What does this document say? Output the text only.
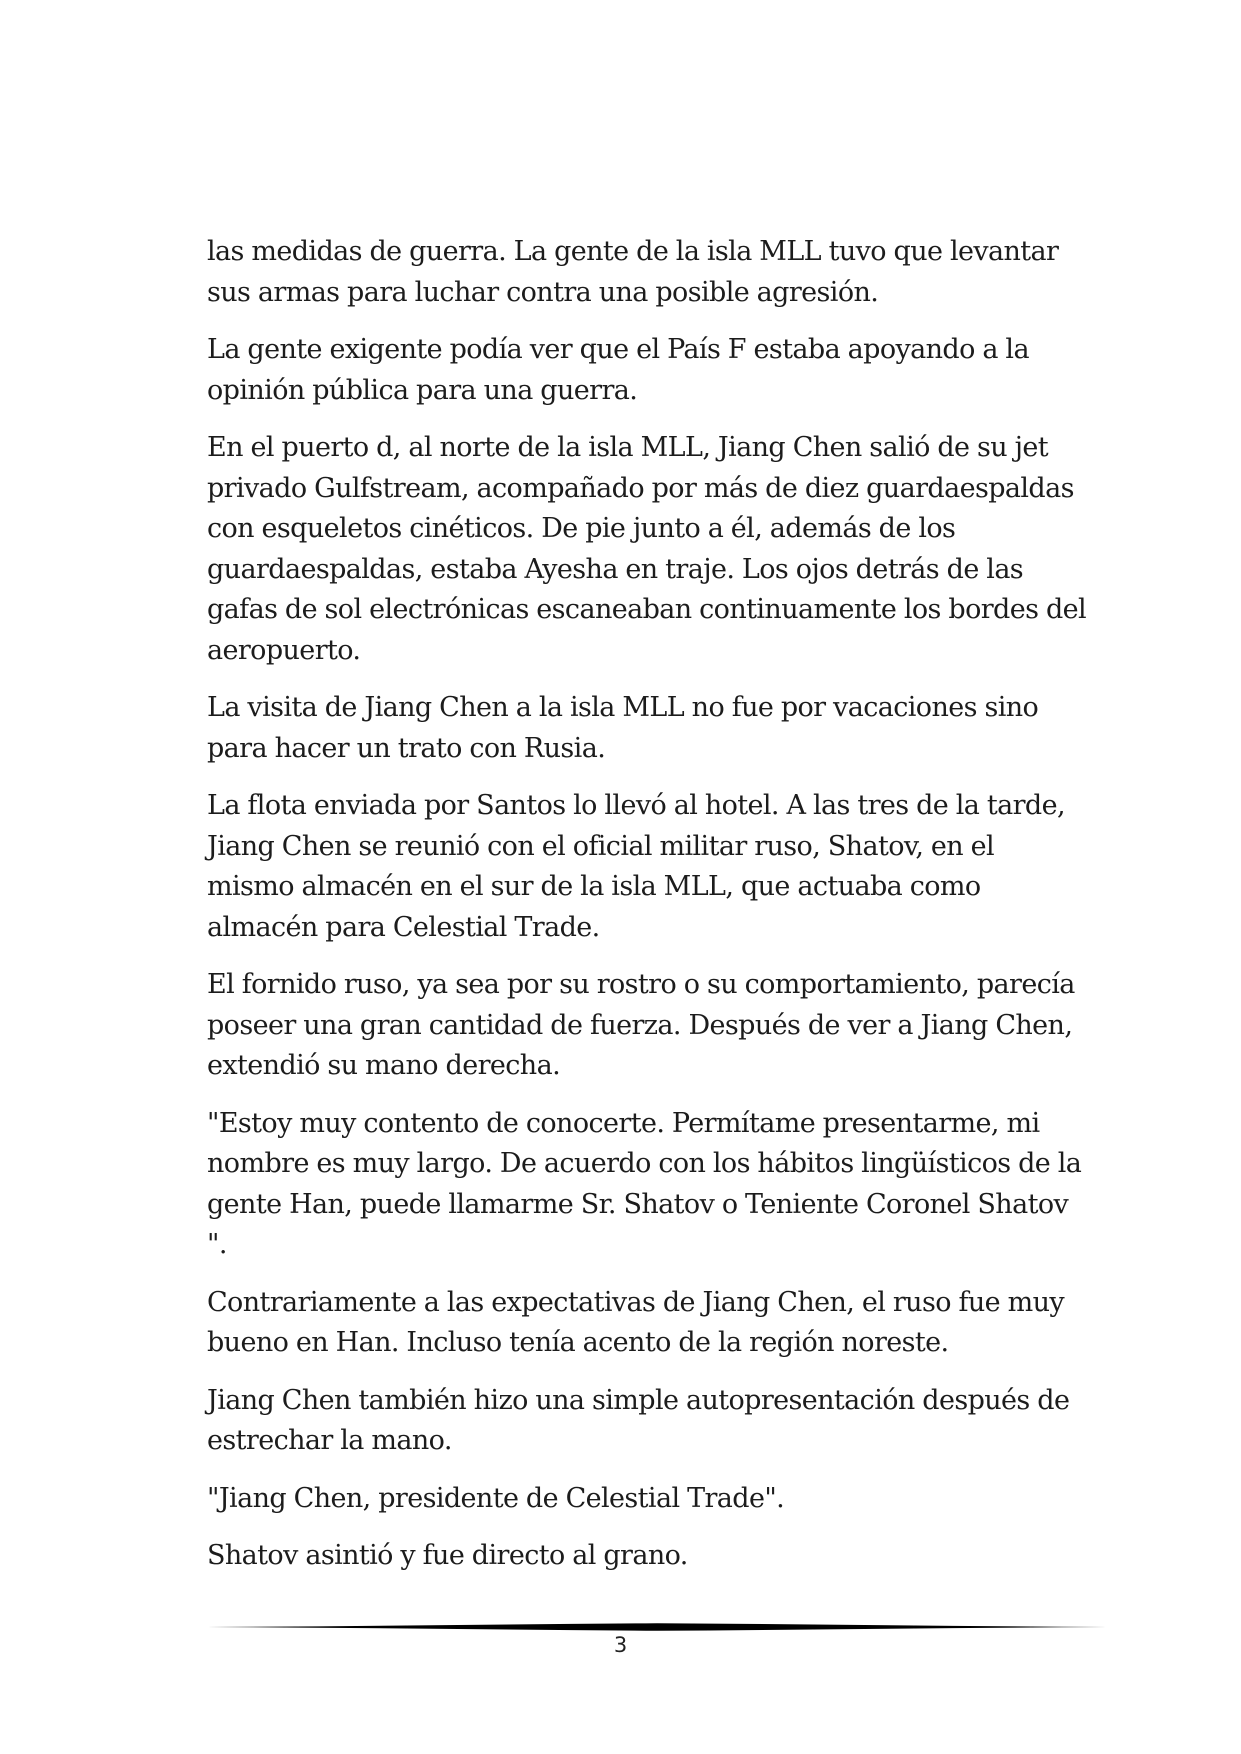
las medidas de guerra. La gente de la isla MLL tuvo que levantar sus armas para luchar contra una posible agresión.

La gente exigente podía ver que el País F estaba apoyando a la opinión pública para una guerra.

En el puerto d, al norte de la isla MLL, Jiang Chen salió de su jet privado Gulfstream, acompañado por más de diez guardaespaldas con esqueletos cinéticos. De pie junto a él, además de los guardaespaldas, estaba Ayesha en traje. Los ojos detrás de las gafas de sol electrónicas escaneaban continuamente los bordes del aeropuerto.

La visita de Jiang Chen a la isla MLL no fue por vacaciones sino para hacer un trato con Rusia.

La flota enviada por Santos lo llevó al hotel. A las tres de la tarde, Jiang Chen se reunió con el oficial militar ruso, Shatov, en el mismo almacén en el sur de la isla MLL, que actuaba como almacén para Celestial Trade.

El fornido ruso, ya sea por su rostro o su comportamiento, parecía poseer una gran cantidad de fuerza. Después de ver a Jiang Chen, extendió su mano derecha.

"Estoy muy contento de conocerte. Permítame presentarme, mi nombre es muy largo. De acuerdo con los hábitos lingüísticos de la gente Han, puede llamarme Sr. Shatov o Teniente Coronel Shatov ".

Contrariamente a las expectativas de Jiang Chen, el ruso fue muy bueno en Han. Incluso tenía acento de la región noreste.

Jiang Chen también hizo una simple autopresentación después de estrechar la mano.

"Jiang Chen, presidente de Celestial Trade".

Shatov asintió y fue directo al grano.

3
